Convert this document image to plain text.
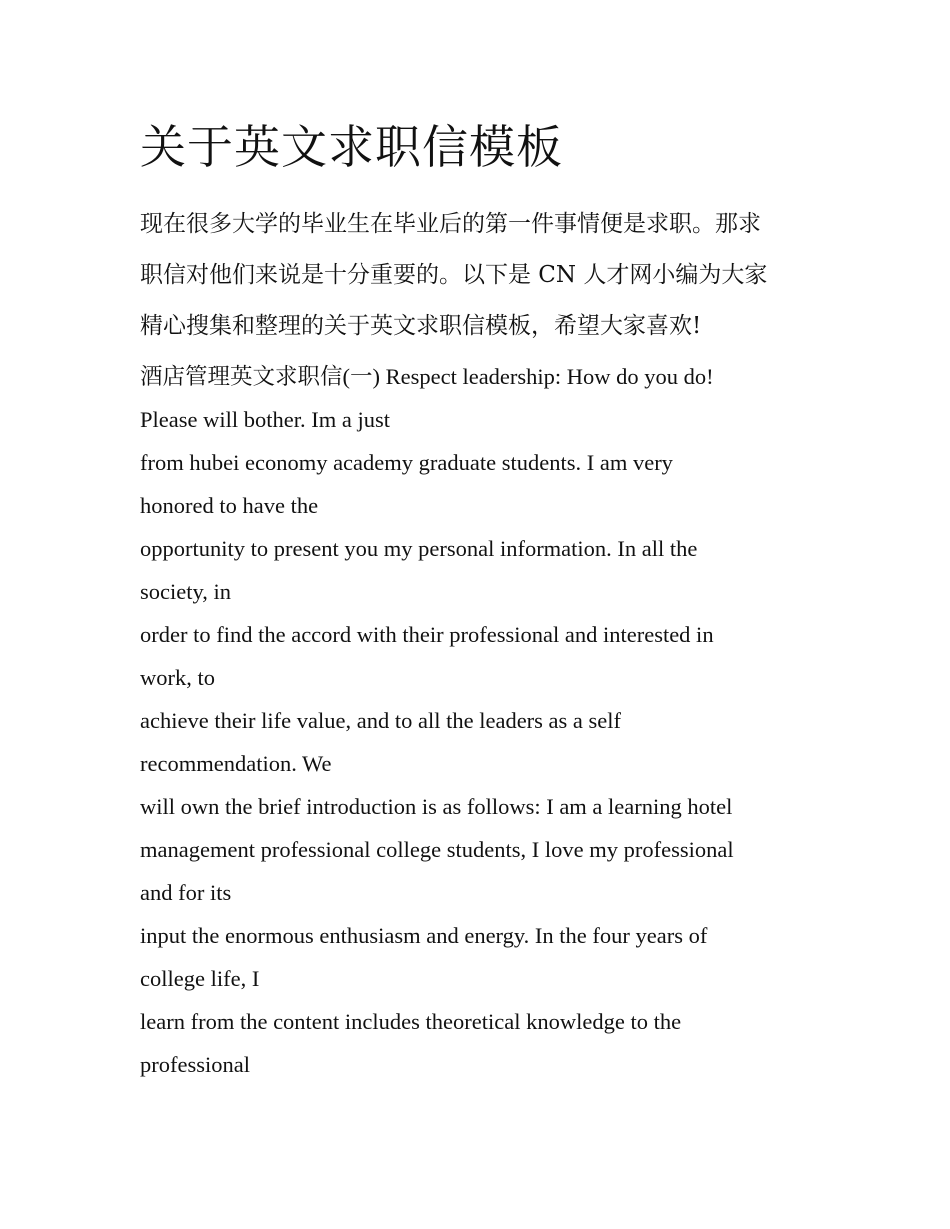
关于英文求职信模板
现在很多大学的毕业生在毕业后的第一件事情便是求职。那求
职信对他们来说是十分重要的。以下是 CN 人才网小编为大家
精心搜集和整理的关于英文求职信模板，希望大家喜欢!
酒店管理英文求职信(一) Respect leadership: How do you do!
Please will bother. Im a just
from hubei economy academy graduate students. I am very
honored to have the
opportunity to present you my personal information. In all the
society, in
order to find the accord with their professional and interested in
work, to
achieve their life value, and to all the leaders as a self
recommendation. We
will own the brief introduction is as follows: I am a learning hotel
management professional college students, I love my professional
and for its
input the enormous enthusiasm and energy. In the four years of
college life, I
learn from the content includes theoretical knowledge to the
professional
